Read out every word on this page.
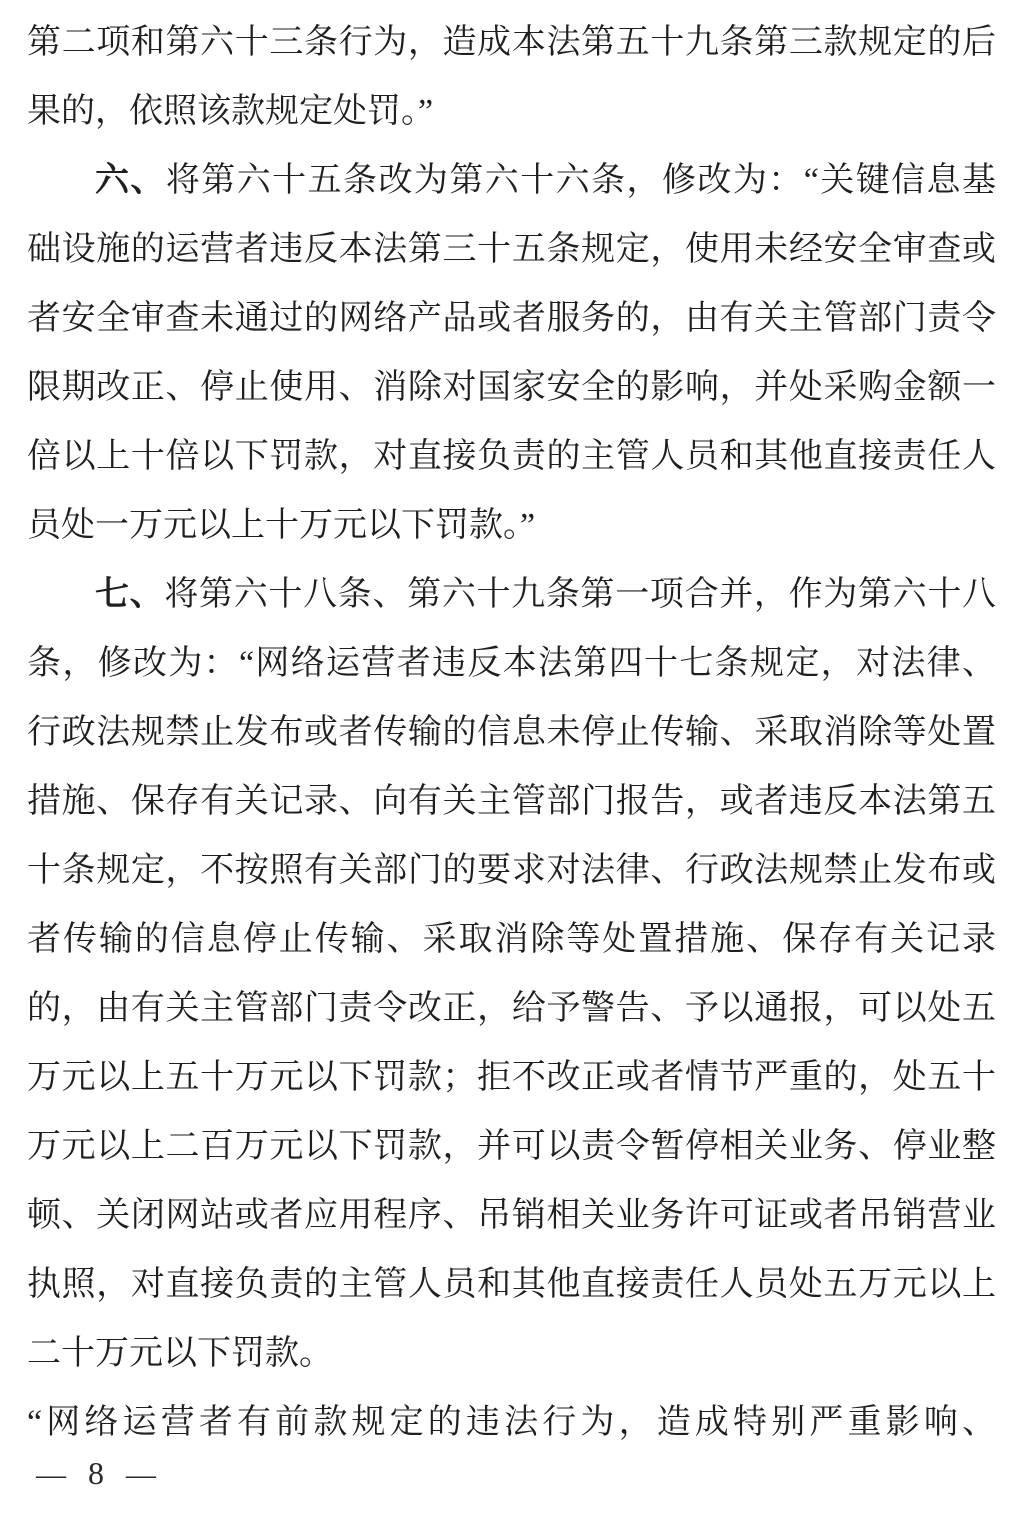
第二项和第六十三条行为，造成本法第五十九条第三款规定的后
果的，依照该款规定处罚。”
六、将第六十五条改为第六十六条，修改为：“关键信息基
础设施的运营者违反本法第三十五条规定，使用未经安全审查或
者安全审查未通过的网络产品或者服务的，由有关主管部门责令
限期改正、停止使用、消除对国家安全的影响，并处采购金额一
倍以上十倍以下罚款，对直接负责的主管人员和其他直接责任人
员处一万元以上十万元以下罚款。”
七、将第六十八条、第六十九条第一项合并，作为第六十八
条，修改为：“网络运营者违反本法第四十七条规定，对法律、
行政法规禁止发布或者传输的信息未停止传输、采取消除等处置
措施、保存有关记录、向有关主管部门报告，或者违反本法第五
十条规定，不按照有关部门的要求对法律、行政法规禁止发布或
者传输的信息停止传输、采取消除等处置措施、保存有关记录
的，由有关主管部门责令改正，给予警告、予以通报，可以处五
万元以上五十万元以下罚款；拒不改正或者情节严重的，处五十
万元以上二百万元以下罚款，并可以责令暂停相关业务、停业整
顿、关闭网站或者应用程序、吊销相关业务许可证或者吊销营业
执照，对直接负责的主管人员和其他直接责任人员处五万元以上
二十万元以下罚款。
“网络运营者有前款规定的违法行为，造成特别严重影响、
— 8 —
